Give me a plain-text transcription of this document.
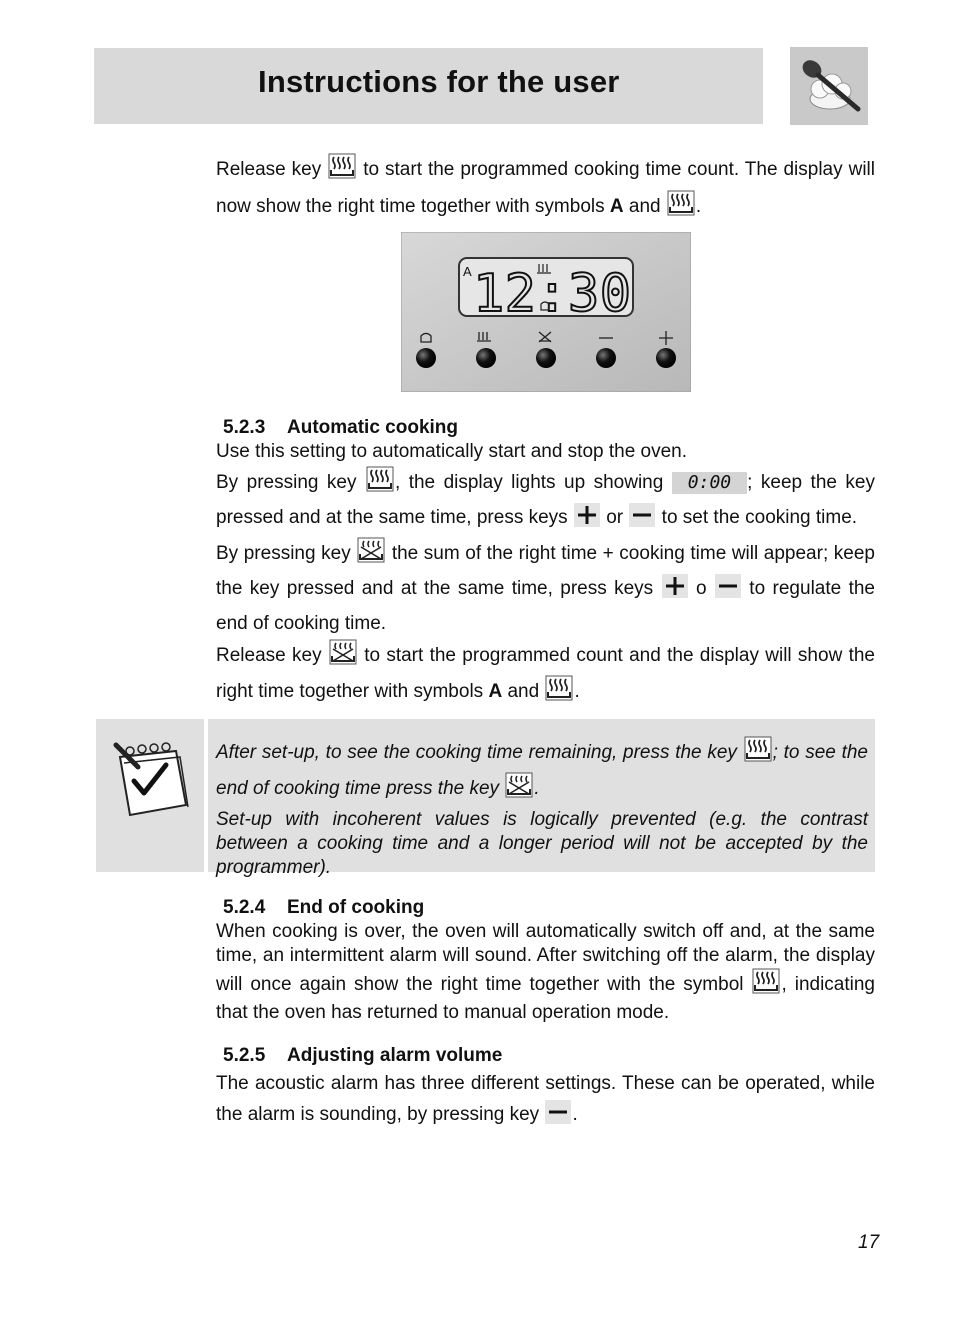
Instructions for the user

Release key  to start the programmed cooking time count. The display will now show the right time together with symbols A and .

A 12:30
5.2.3 Automatic cooking

Use this setting to automatically start and stop the oven.

By pressing key , the display lights up showing 0:00 ; keep the key pressed and at the same time, press keys  or  to set the cooking time.

By pressing key  the sum of the right time + cooking time will appear; keep the key pressed and at the same time, press keys  o  to regulate the end of cooking time.

Release key  to start the programmed count and the display will show the right time together with symbols A and .

After set-up, to see the cooking time remaining, press the key ; to see the end of cooking time press the key .

Set-up with incoherent values is logically prevented (e.g. the contrast between a cooking time and a longer period will not be accepted by the programmer).

5.2.4 End of cooking

When cooking is over, the oven will automatically switch off and, at the same time, an intermittent alarm will sound. After switching off the alarm, the display will once again show the right time together with the symbol , indicating that the oven has returned to manual operation mode.

5.2.5 Adjusting alarm volume

The acoustic alarm has three different settings. These can be operated, while the alarm is sounding, by pressing key .

17
